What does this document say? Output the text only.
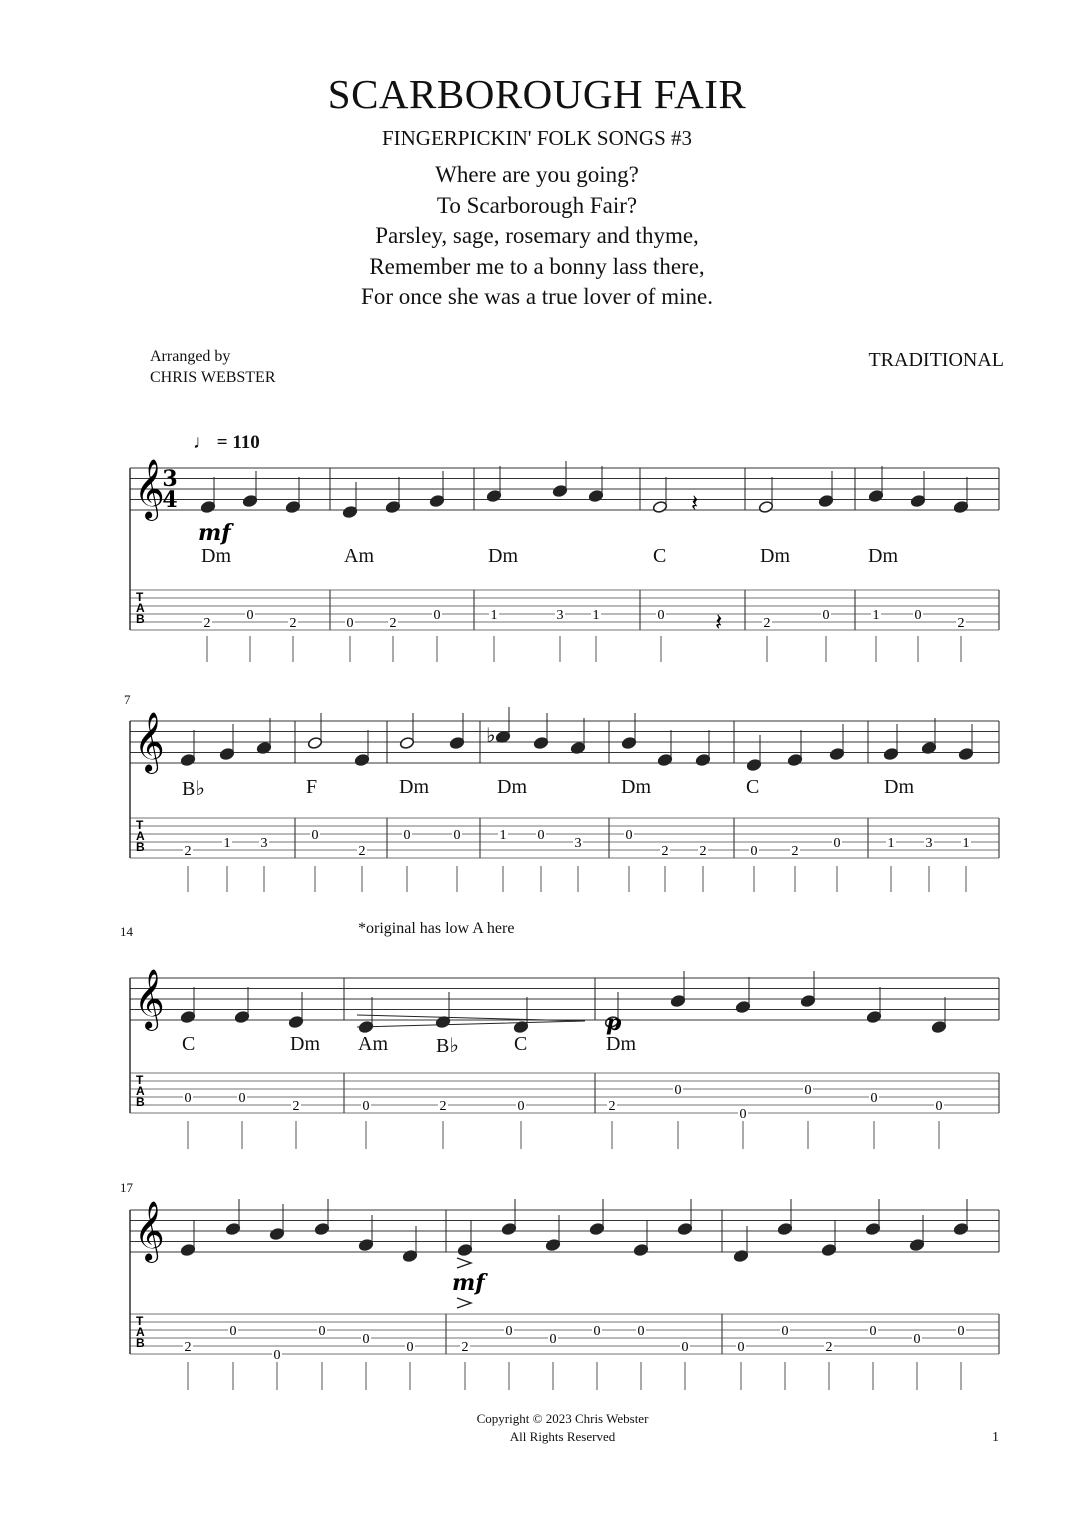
SCARBOROUGH FAIR
FINGERPICKIN' FOLK SONGS #3
Where are you going?
To Scarborough Fair?
Parsley, sage, rosemary and thyme,
Remember me to a bonny lass there,
For once she was a true lover of mine.
Arranged by
CHRIS WEBSTER
TRADITIONAL
♩ = 110
*original has low A here
7
14
17
Dm	Am	Dm	C	Dm	Dm
B♭	F	Dm	Dm	Dm	C	Dm
C	Dm Am B♭	C	Dm
𝄞
𝄞
𝄞
𝄞
3
4
T
A
B	2
0
2	0	2
0	1	3 1	0
2
0	1	0
2
T
A
B	2
1 3
0
2
0	0	1 0
3
0
2 2	0 2
0	1 3 1
T
A
B	0	0
2	0	2	0	2
0
0
0
0
0
T
A
B	2
0
0
0
0
0	2
0
0
0	0
0	0
0
2
0
0
0
♭
𝄽
𝄽
mf
p
mf
Copyright © 2023 Chris Webster
All Rights Reserved	1
